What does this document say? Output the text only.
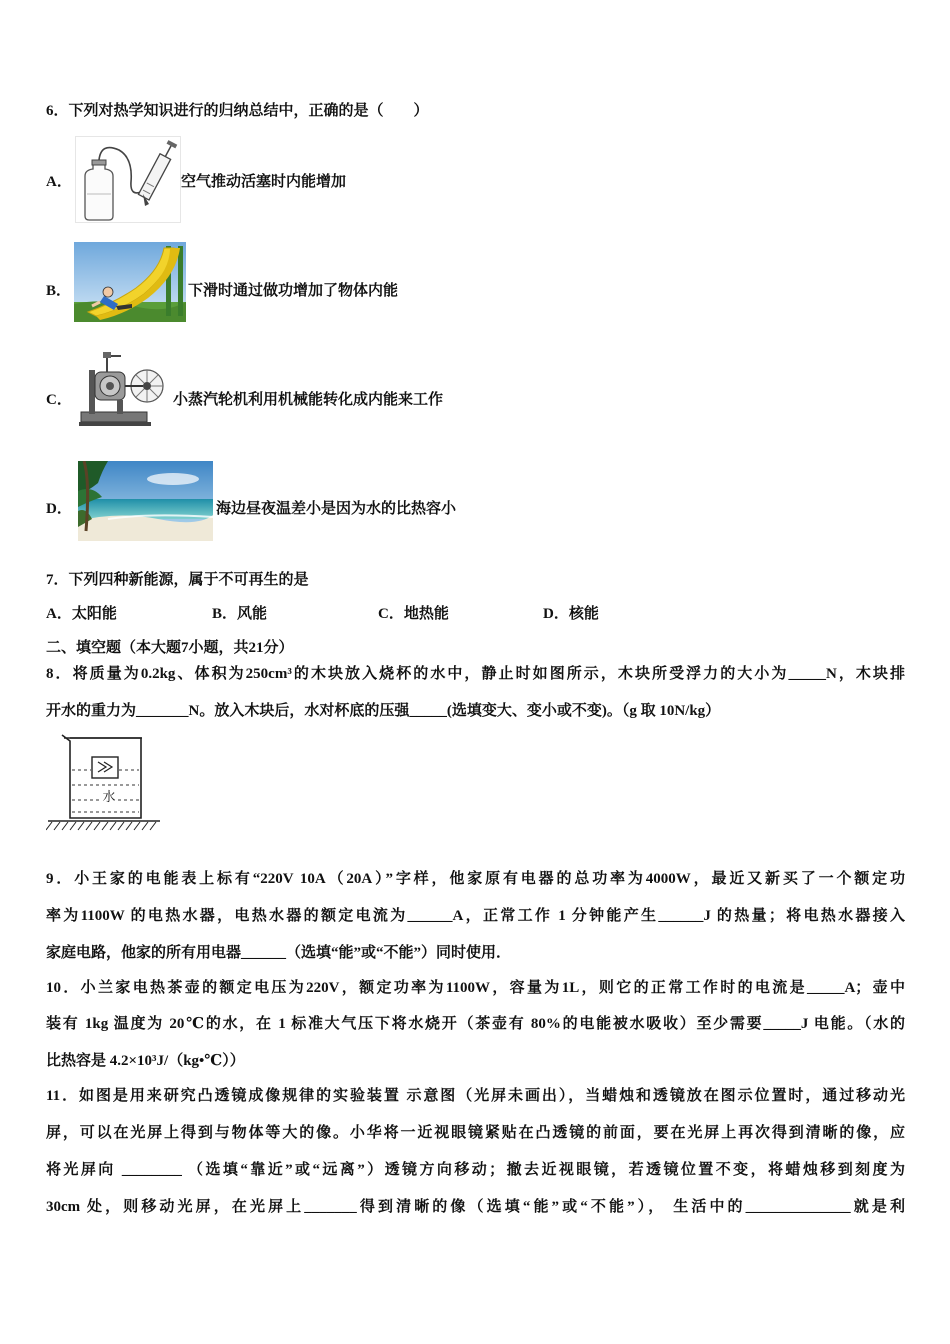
6．下列对热学知识进行的归纳总结中，正确的是（　　）
A．	空气推动活塞时内能增加
B．	下滑时通过做功增加了物体内能
C．	小蒸汽轮机利用机械能转化成内能来工作
D．	海边昼夜温差小是因为水的比热容小
7．下列四种新能源，属于不可再生的是
A．太阳能	B．风能	C．地热能	D．核能
二、填空题（本大题7小题，共21分）
8．将质量为0.2kg、体积为250cm³的木块放入烧杯的水中，静止时如图所示，木块所受浮力的大小为_____N，木块排
开水的重力为_______N。放入木块后，水对杯底的压强_____(选填变大、变小或不变)。（g 取 10N/kg）
水
9．小王家的电能表上标有“220V 10A（20A）”字样，他家原有电器的总功率为4000W，最近又新买了一个额定功
率为1100W 的电热水器，电热水器的额定电流为______A，正常工作 1 分钟能产生______J 的热量；将电热水器接入
家庭电路，他家的所有用电器______（选填“能”或“不能”）同时使用．
10．小兰家电热茶壶的额定电压为220V，额定功率为1100W，容量为1L，则它的正常工作时的电流是_____A；壶中
装有 1kg 温度为 20℃的水，在 1 标准大气压下将水烧开（茶壶有 80%的电能被水吸收）至少需要_____J 电能。（水的
比热容是 4.2×10³J/（kg•℃））
11．如图是用来研究凸透镜成像规律的实验装置 示意图（光屏未画出），当蜡烛和透镜放在图示位置时，通过移动光
屏，可以在光屏上得到与物体等大的像。小华将一近视眼镜紧贴在凸透镜的前面，要在光屏上再次得到清晰的像，应
将光屏向 ________ （选填“靠近”或“远离”）透镜方向移动；撤去近视眼镜，若透镜位置不变，将蜡烛移到刻度为
30cm 处，则移动光屏，在光屏上_______得到清晰的像（选填“能”或“不能”）， 生活中的______________就是利
